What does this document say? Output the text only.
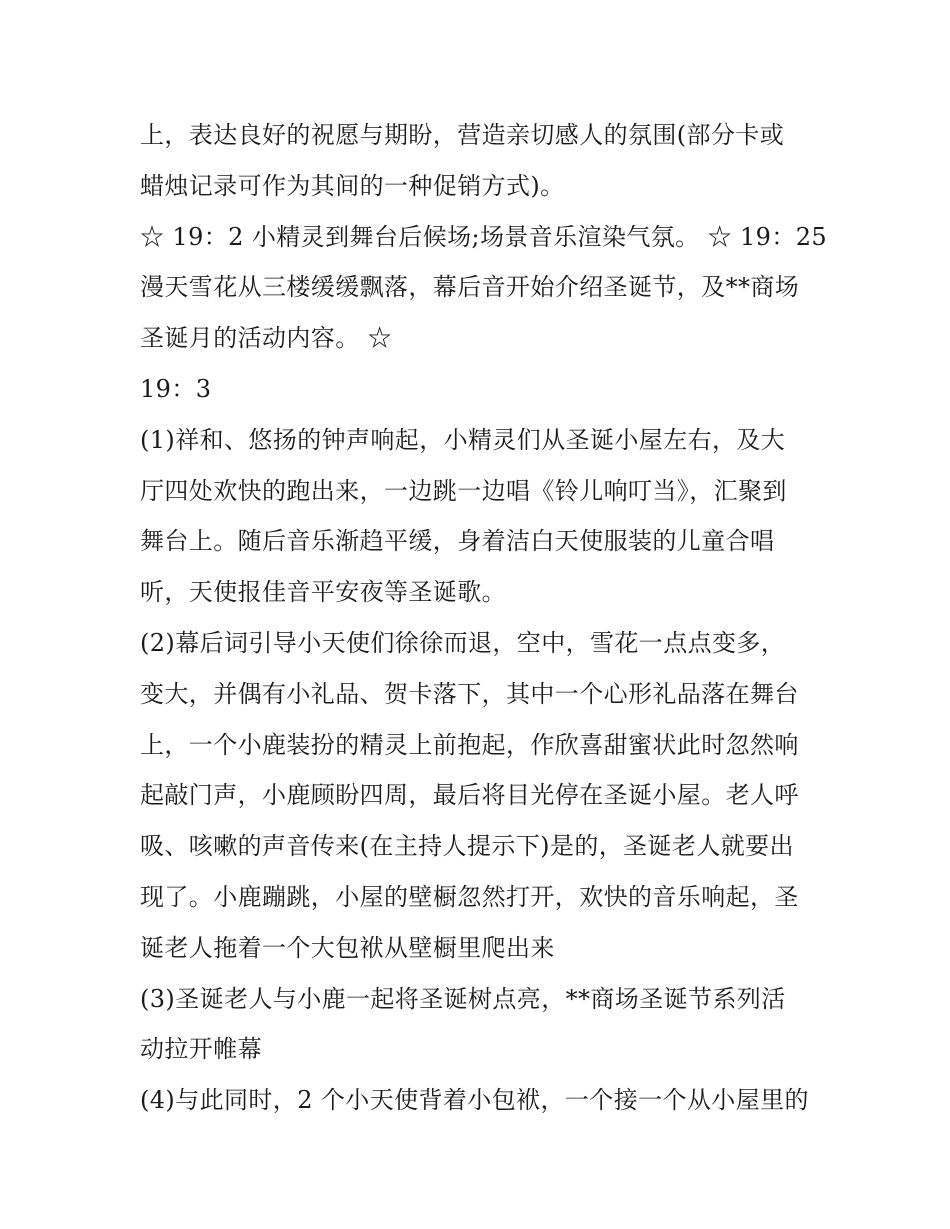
上，表达良好的祝愿与期盼，营造亲切感人的氛围(部分卡或
蜡烛记录可作为其间的一种促销方式)。
☆ 19：2 小精灵到舞台后候场;场景音乐渲染气氛。 ☆ 19：25
漫天雪花从三楼缓缓飘落，幕后音开始介绍圣诞节，及**商场
圣诞月的活动内容。 ☆
19：3
(1)祥和、悠扬的钟声响起，小精灵们从圣诞小屋左右，及大
厅四处欢快的跑出来，一边跳一边唱《铃儿响叮当》，汇聚到
舞台上。随后音乐渐趋平缓，身着洁白天使服装的儿童合唱
听，天使报佳音平安夜等圣诞歌。
(2)幕后词引导小天使们徐徐而退，空中，雪花一点点变多，
变大，并偶有小礼品、贺卡落下，其中一个心形礼品落在舞台
上，一个小鹿装扮的精灵上前抱起，作欣喜甜蜜状此时忽然响
起敲门声，小鹿顾盼四周，最后将目光停在圣诞小屋。老人呼
吸、咳嗽的声音传来(在主持人提示下)是的，圣诞老人就要出
现了。小鹿蹦跳，小屋的壁橱忽然打开，欢快的音乐响起，圣
诞老人拖着一个大包袱从壁橱里爬出来
(3)圣诞老人与小鹿一起将圣诞树点亮，**商场圣诞节系列活
动拉开帷幕
(4)与此同时，2 个小天使背着小包袱，一个接一个从小屋里的
